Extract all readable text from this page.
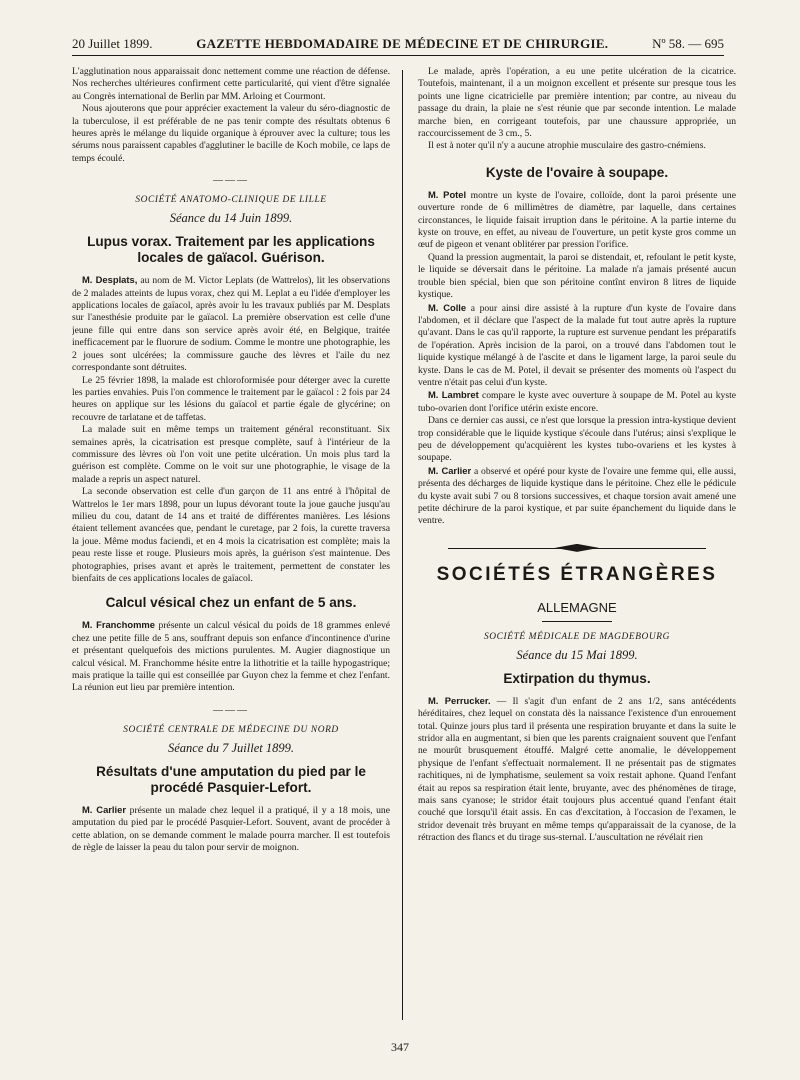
20 Juillet 1899.	GAZETTE HEBDOMADAIRE DE MÉDECINE ET DE CHIRURGIE.	Nº 58. — 695

L'agglutination nous apparaissait donc nettement comme une réaction de défense. Nos recherches ultérieures confirment cette particularité, qui vient d'être signalée au Congrès international de Berlin par MM. Arloing et Courmont.

Nous ajouterons que pour apprécier exactement la valeur du séro-diagnostic de la tuberculose, il est préférable de ne pas tenir compte des résultats obtenus 6 heures après le mélange du liquide organique à éprouver avec la culture; tous les sérums nous paraissent capables d'agglutiner le bacille de Koch mobile, ce laps de temps écoulé.

———
SOCIÉTÉ ANATOMO-CLINIQUE DE LILLE
Séance du 14 Juin 1899.
Lupus vorax. Traitement par les applications locales de gaïacol. Guérison.

M. Desplats, au nom de M. Victor Leplats (de Wattrelos), lit les observations de 2 malades atteints de lupus vorax, chez qui M. Leplat a eu l'idée d'employer les applications locales de gaïacol, après avoir lu les travaux publiés par M. Desplats sur l'anesthésie produite par le gaïacol. La première observation est celle d'une jeune fille qui entre dans son service après avoir été, en Belgique, traitée inefficacement par le fluorure de sodium. Comme le montre une photographie, les 2 joues sont ulcérées; la commissure gauche des lèvres et l'aile du nez correspondante sont détruites.

Le 25 février 1898, la malade est chloroformisée pour déterger avec la curette les parties envahies. Puis l'on commence le traitement par le gaïacol : 2 fois par 24 heures on applique sur les lésions du gaïacol et partie égale de glycérine; on recouvre de tarlatane et de taffetas.

La malade suit en même temps un traitement général reconstituant. Six semaines après, la cicatrisation est presque complète, sauf à l'intérieur de la commissure des lèvres où l'on voit une petite ulcération. Un mois plus tard la guérison est complète. Comme on le voit sur une photographie, le visage de la malade a repris un aspect naturel.

La seconde observation est celle d'un garçon de 11 ans entré à l'hôpital de Wattrelos le 1er mars 1898, pour un lupus dévorant toute la joue gauche jusqu'au milieu du cou, datant de 14 ans et traité de différentes manières. Les lésions étaient tellement avancées que, pendant le curetage, par 2 fois, la curette traversa la joue. Même modus faciendi, et en 4 mois la cicatrisation est complète; mais la peau reste lisse et rouge. Plusieurs mois après, la guérison s'est maintenue. Des photographies, prises avant et après le traitement, permettent de constater les bienfaits de ces applications locales de gaïacol.

Calcul vésical chez un enfant de 5 ans.

M. Franchomme présente un calcul vésical du poids de 18 grammes enlevé chez une petite fille de 5 ans, souffrant depuis son enfance d'incontinence d'urine et présentant quelquefois des mictions purulentes. M. Augier diagnostique un calcul vésical. M. Franchomme hésite entre la lithotritie et la taille hypogastrique; mais pratique la taille qui est conseillée par Guyon chez la femme et chez l'enfant. La réunion eut lieu par première intention.

———
SOCIÉTÉ CENTRALE DE MÉDECINE DU NORD
Séance du 7 Juillet 1899.
Résultats d'une amputation du pied par le procédé Pasquier-Lefort.

M. Carlier présente un malade chez lequel il a pratiqué, il y a 18 mois, une amputation du pied par le procédé Pasquier-Lefort. Souvent, avant de procéder à cette ablation, on se demande comment le malade pourra marcher. Il est toutefois de règle de laisser la peau du talon pour servir de moignon.

Le malade, après l'opération, a eu une petite ulcération de la cicatrice. Toutefois, maintenant, il a un moignon excellent et présente sur presque tous les points une ligne cicatricielle par première intention; par contre, au niveau du passage du drain, la plaie ne s'est réunie que par seconde intention. Le malade marche bien, en corrigeant toutefois, par une chaussure appropriée, un raccourcissement de 3 cm., 5.

Il est à noter qu'il n'y a aucune atrophie musculaire des gastro-cnémiens.

Kyste de l'ovaire à soupape.

M. Potel montre un kyste de l'ovaire, colloïde, dont la paroi présente une ouverture ronde de 6 millimètres de diamètre, par laquelle, dans certaines circonstances, le liquide faisait irruption dans le péritoine. A la partie interne du kyste on trouve, en effet, au niveau de l'ouverture, un petit kyste gros comme un œuf de pigeon et venant oblitérer par pression l'orifice.

Quand la pression augmentait, la paroi se distendait, et, refoulant le petit kyste, le liquide se déversait dans le péritoine. La malade n'a jamais présenté aucun trouble bien spécial, bien que son péritoine contînt environ 8 litres de liquide kystique.

M. Colle a pour ainsi dire assisté à la rupture d'un kyste de l'ovaire dans l'abdomen, et il déclare que l'aspect de la malade fut tout autre après la rupture qu'avant. Dans le cas qu'il rapporte, la rupture est survenue pendant les préparatifs de l'opération. Après incision de la paroi, on a trouvé dans l'abdomen tout le liquide kystique mélangé à de l'ascite et dans le ligament large, la paroi seule du kyste. Dans le cas de M. Potel, il devait se présenter des moments où l'aspect du ventre n'était pas celui d'un kyste.

M. Lambret compare le kyste avec ouverture à soupape de M. Potel au kyste tubo-ovarien dont l'orifice utérin existe encore.

Dans ce dernier cas aussi, ce n'est que lorsque la pression intra-kystique devient trop considérable que le liquide kystique s'écoule dans l'utérus; ainsi s'explique le peu de développement qu'acquièrent les kystes tubo-ovariens et les kystes à soupape.

M. Carlier a observé et opéré pour kyste de l'ovaire une femme qui, elle aussi, présenta des décharges de liquide kystique dans le péritoine. Chez elle le pédicule du kyste avait subi 7 ou 8 torsions successives, et chaque torsion avait amené une petite déchirure de la paroi kystique, et par suite épanchement du liquide dans le ventre.

SOCIÉTÉS ÉTRANGÈRES
ALLEMAGNE
SOCIÉTÉ MÉDICALE DE MAGDEBOURG
Séance du 15 Mai 1899.
Extirpation du thymus.

M. Perrucker. — Il s'agit d'un enfant de 2 ans 1/2, sans antécédents héréditaires, chez lequel on constata dès la naissance l'existence d'un enrouement total. Quinze jours plus tard il présenta une respiration bruyante et dans la suite le stridor alla en augmentant, si bien que les parents craignaient souvent que l'enfant ne mourût brusquement étouffé. Malgré cette anomalie, le développement physique de l'enfant s'effectuait normalement. Il ne présentait pas de stigmates rachitiques, ni de lymphatisme, seulement sa voix restait aphone. Quand l'enfant était au repos sa respiration était lente, bruyante, avec des phénomènes de tirage, mais sans cyanose; le stridor était toujours plus accentué quand l'enfant était couché que lorsqu'il était assis. En cas d'excitation, à l'occasion de l'examen, le stridor devenait très bruyant en même temps qu'apparaissait de la cyanose, de la rétraction des flancs et du tirage sus-sternal. L'auscultation ne révélait rien

347
